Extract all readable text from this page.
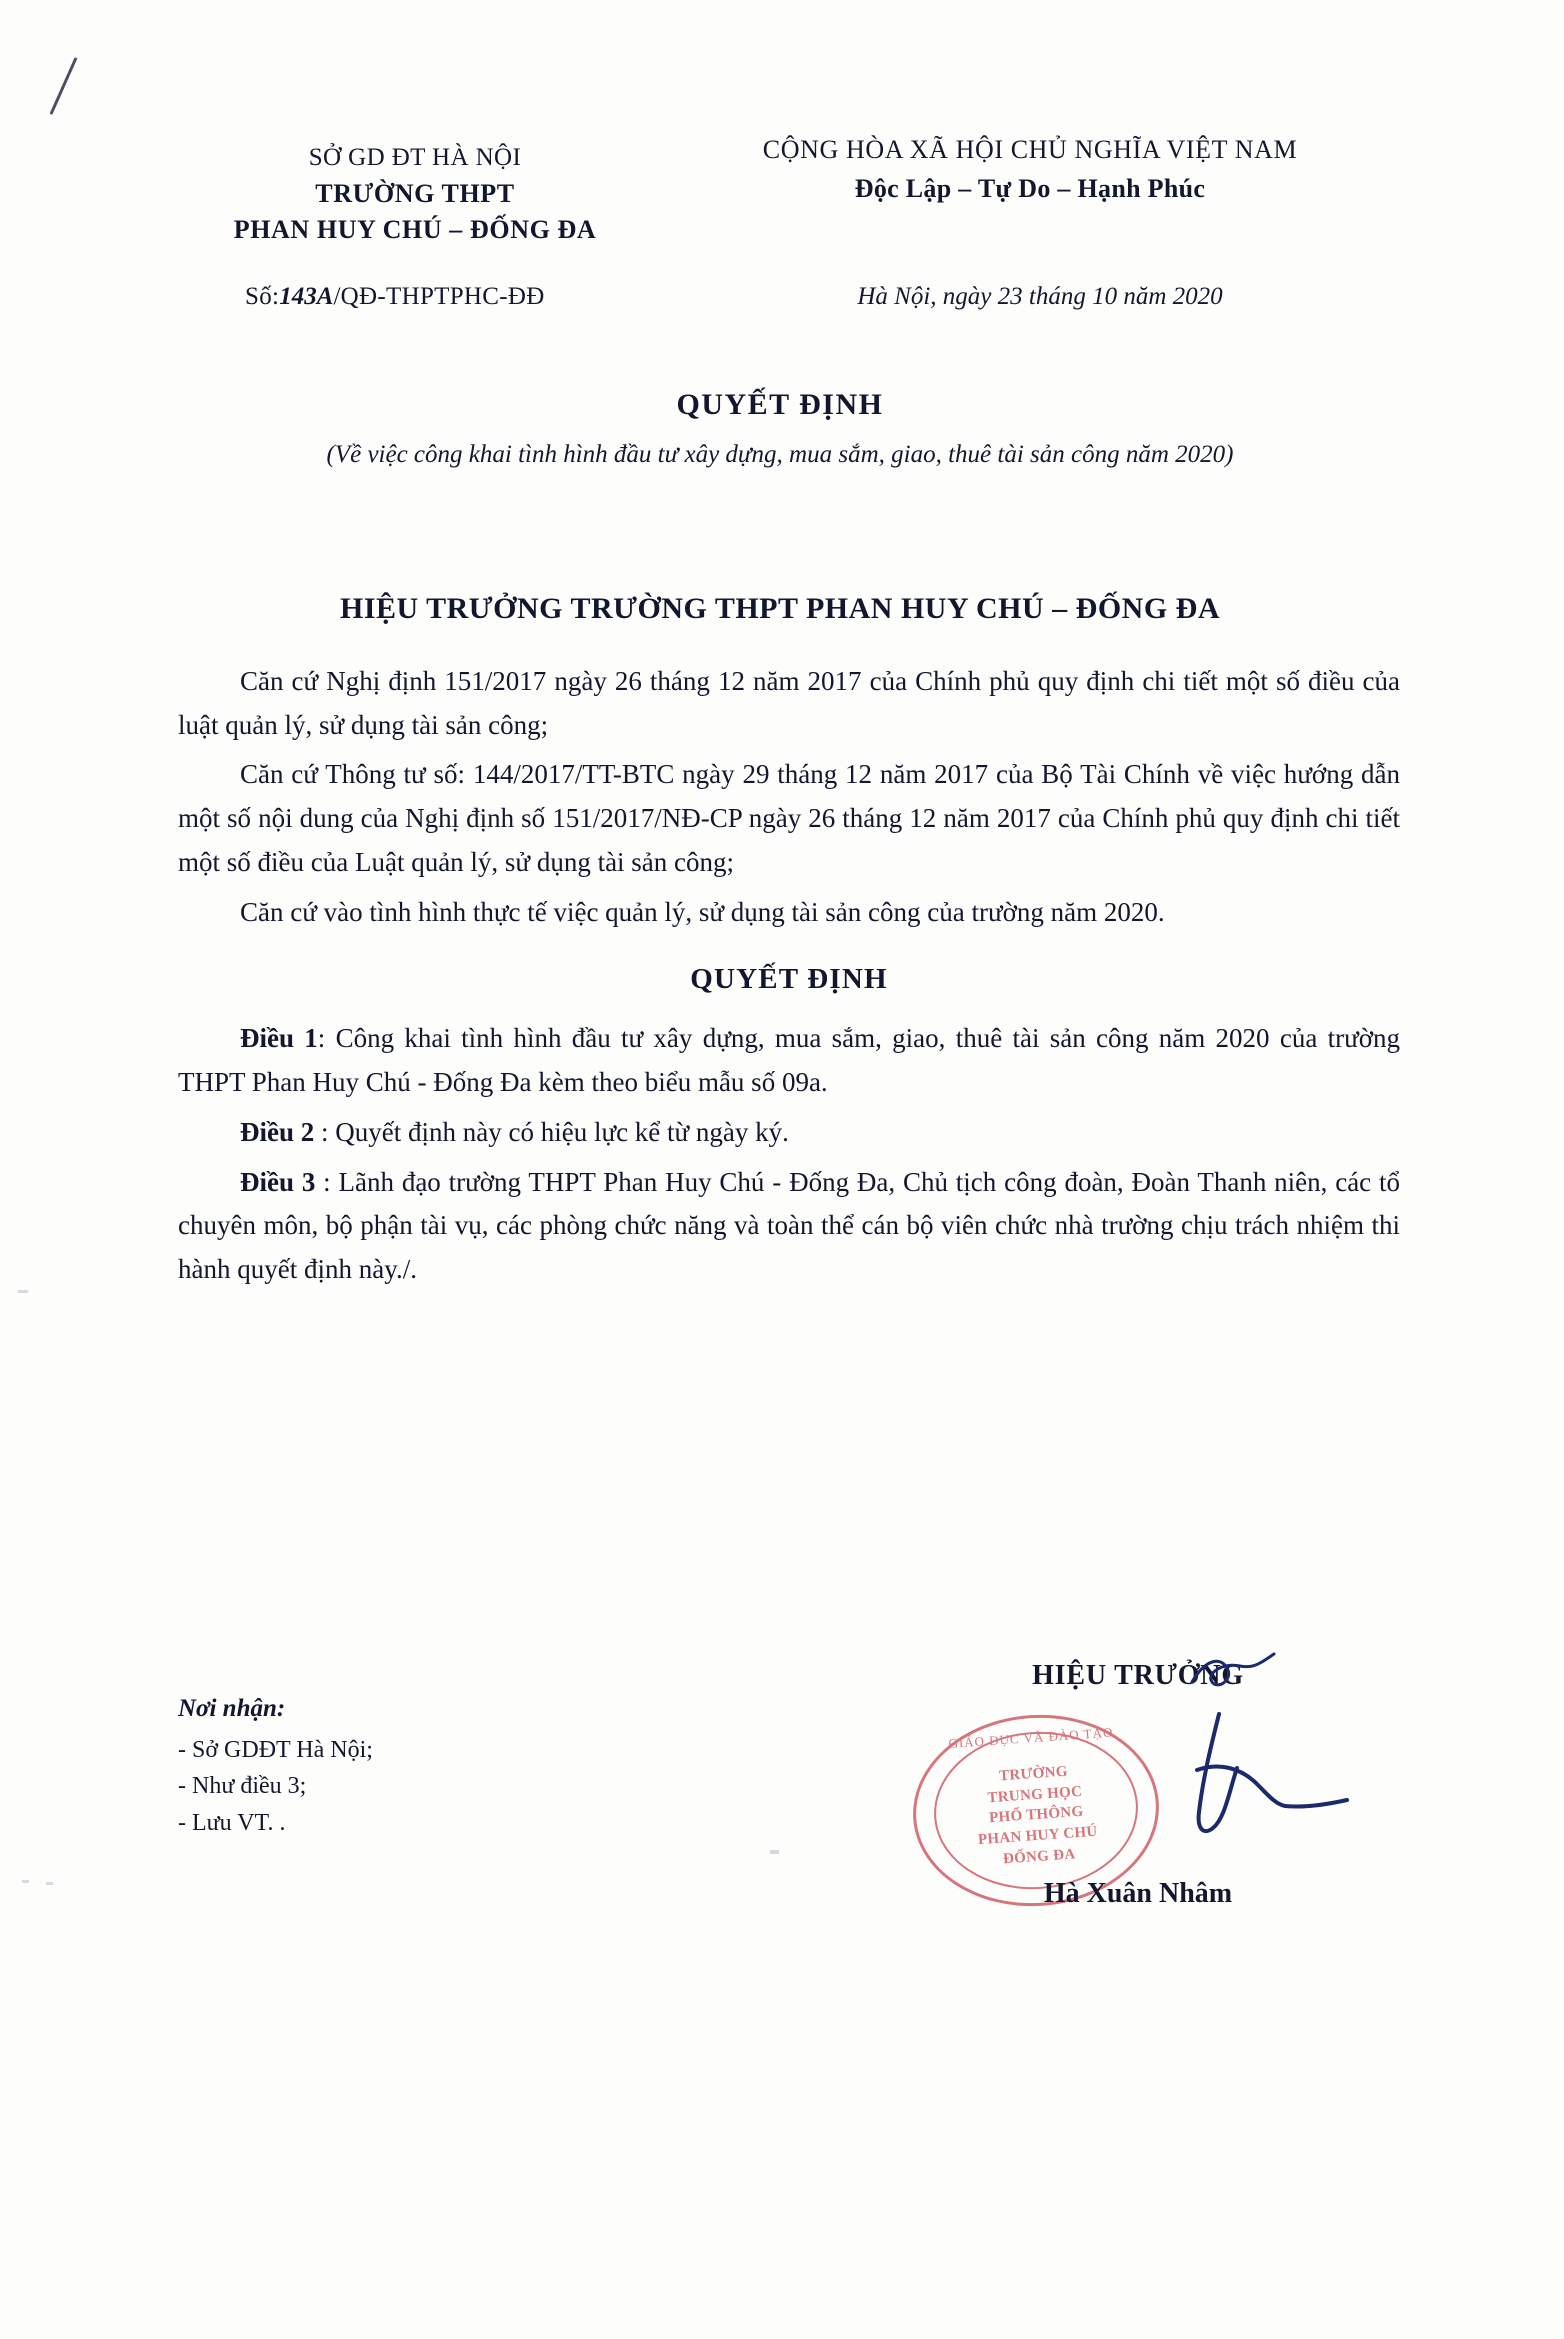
SỞ GD ĐT HÀ NỘI
TRƯỜNG THPT
PHAN HUY CHÚ – ĐỐNG ĐA
CỘNG HÒA XÃ HỘI CHỦ NGHĨA VIỆT NAM
Độc Lập – Tự Do – Hạnh Phúc
Số:143A/QĐ-THPTPHC-ĐĐ	Hà Nội, ngày 23 tháng 10 năm 2020
QUYẾT ĐỊNH
(Về việc công khai tình hình đầu tư xây dựng, mua sắm, giao, thuê tài sản công năm 2020)
HIỆU TRƯỞNG TRƯỜNG THPT PHAN HUY CHÚ – ĐỐNG ĐA
Căn cứ Nghị định 151/2017 ngày 26 tháng 12 năm 2017 của Chính phủ quy định chi tiết một số điều của luật quản lý, sử dụng tài sản công;
Căn cứ Thông tư số: 144/2017/TT-BTC ngày 29 tháng 12 năm 2017 của Bộ Tài Chính về việc hướng dẫn một số nội dung của Nghị định số 151/2017/NĐ-CP ngày 26 tháng 12 năm 2017 của Chính phủ quy định chi tiết một số điều của Luật quản lý, sử dụng tài sản công;
Căn cứ vào tình hình thực tế việc quản lý, sử dụng tài sản công của trường năm 2020.
QUYẾT ĐỊNH
Điều 1: Công khai tình hình đầu tư xây dựng, mua sắm, giao, thuê tài sản công năm 2020 của trường THPT Phan Huy Chú - Đống Đa kèm theo biểu mẫu số 09a.
Điều 2 : Quyết định này có hiệu lực kể từ ngày ký.
Điều 3 : Lãnh đạo trường THPT Phan Huy Chú - Đống Đa, Chủ tịch công đoàn, Đoàn Thanh niên, các tổ chuyên môn, bộ phận tài vụ, các phòng chức năng và toàn thể cán bộ viên chức nhà trường chịu trách nhiệm thi hành quyết định này./.
Nơi nhận:
- Sở GDĐT Hà Nội;
- Như điều 3;
- Lưu VT. .
HIỆU TRƯỞNG
GIÁO DỤC VÀ ĐÀO TẠO
TRƯỜNG
TRUNG HỌC
PHỔ THÔNG
PHAN HUY CHÚ
ĐỐNG ĐA
Hà Xuân Nhâm
